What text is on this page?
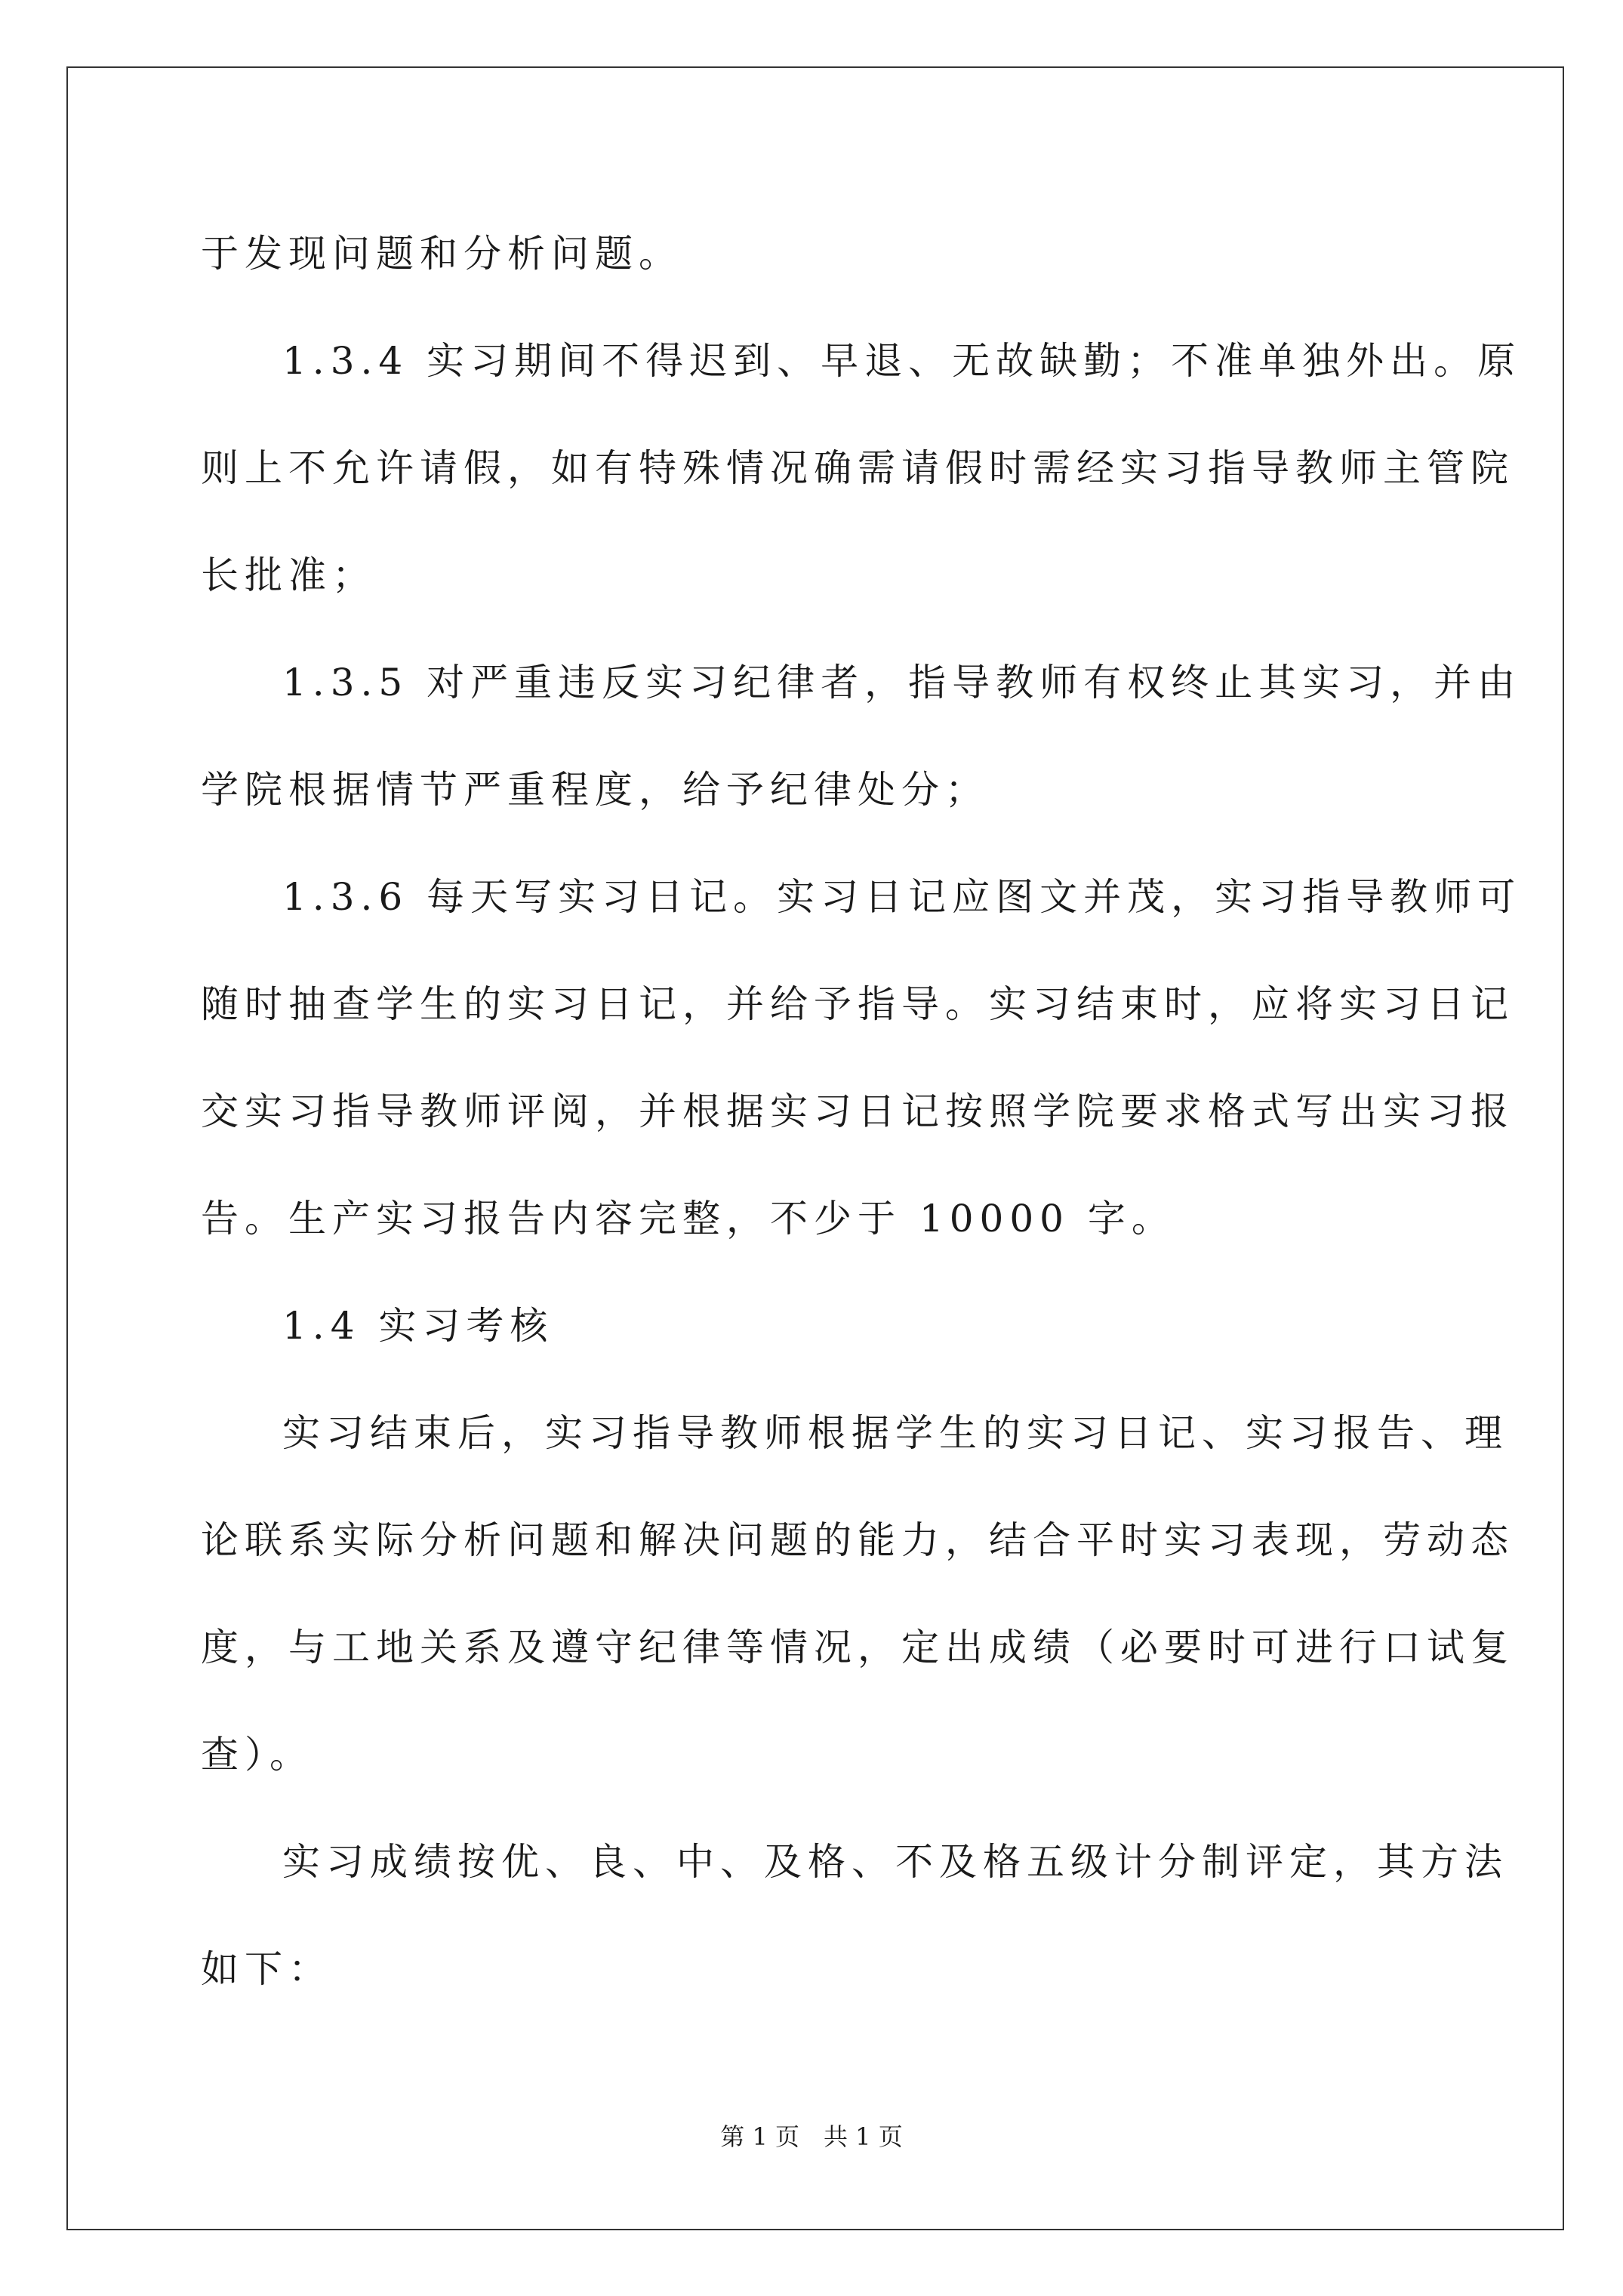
于发现问题和分析问题。
1.3.4 实习期间不得迟到、早退、无故缺勤；不准单独外出。原
则上不允许请假，如有特殊情况确需请假时需经实习指导教师主管院
长批准；
1.3.5 对严重违反实习纪律者，指导教师有权终止其实习，并由
学院根据情节严重程度，给予纪律处分；
1.3.6 每天写实习日记。实习日记应图文并茂，实习指导教师可
随时抽查学生的实习日记，并给予指导。实习结束时，应将实习日记
交实习指导教师评阅，并根据实习日记按照学院要求格式写出实习报
告。生产实习报告内容完整，不少于 10000 字。
1.4 实习考核
实习结束后，实习指导教师根据学生的实习日记、实习报告、理
论联系实际分析问题和解决问题的能力，结合平时实习表现，劳动态
度，与工地关系及遵守纪律等情况，定出成绩（必要时可进行口试复
查）。
实习成绩按优、良、中、及格、不及格五级计分制评定，其方法
如下：
第 1 页　共 1 页
